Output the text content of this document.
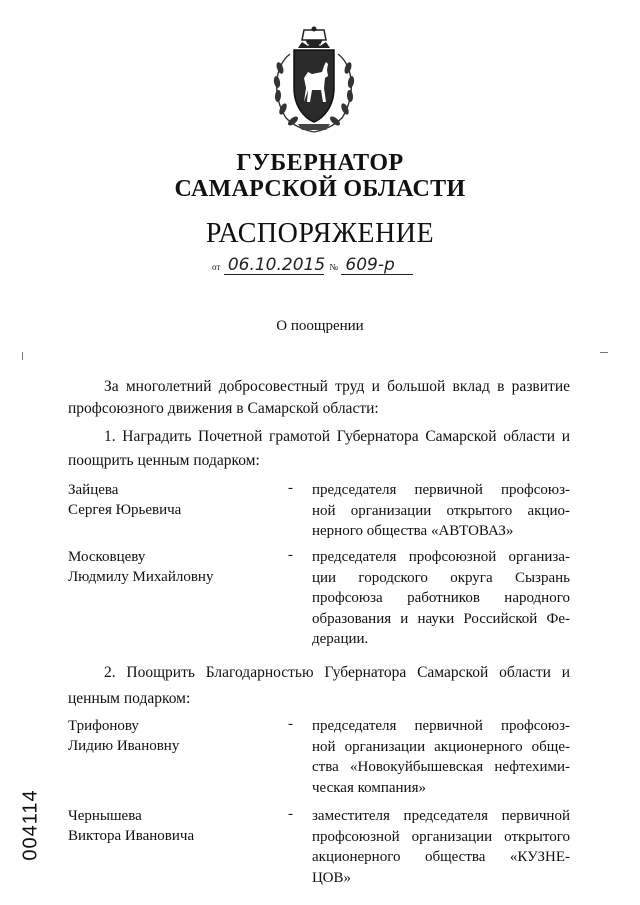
ГУБЕРНАТОР
САМАРСКОЙ ОБЛАСТИ
РАСПОРЯЖЕНИЕ
от 06.10.2015 № 609-р
О поощрении
За многолетний добросовестный труд и большой вклад в развитие
профсоюзного движения в Самарской области:
1. Наградить Почетной грамотой Губернатора Самарской области и
поощрить ценным подарком:
Зайцева
Сергея Юрьевича
- председателя первичной профсоюз-
ной организации открытого акцио-
нерного общества «АВТОВАЗ»
Московцеву
Людмилу Михайловну
- председателя профсоюзной организа-
ции городского округа Сызрань
профсоюза работников народного
образования и науки Российской Фе-
дерации.
2. Поощрить Благодарностью Губернатора Самарской области и
ценным подарком:
Трифонову
Лидию Ивановну
- председателя первичной профсоюз-
ной организации акционерного обще-
ства «Новокуйбышевская нефтехими-
ческая компания»
Чернышева
Виктора Ивановича
- заместителя председателя первичной
профсоюзной организации открытого
акционерного общества «КУЗНЕ-
ЦОВ»
004114
